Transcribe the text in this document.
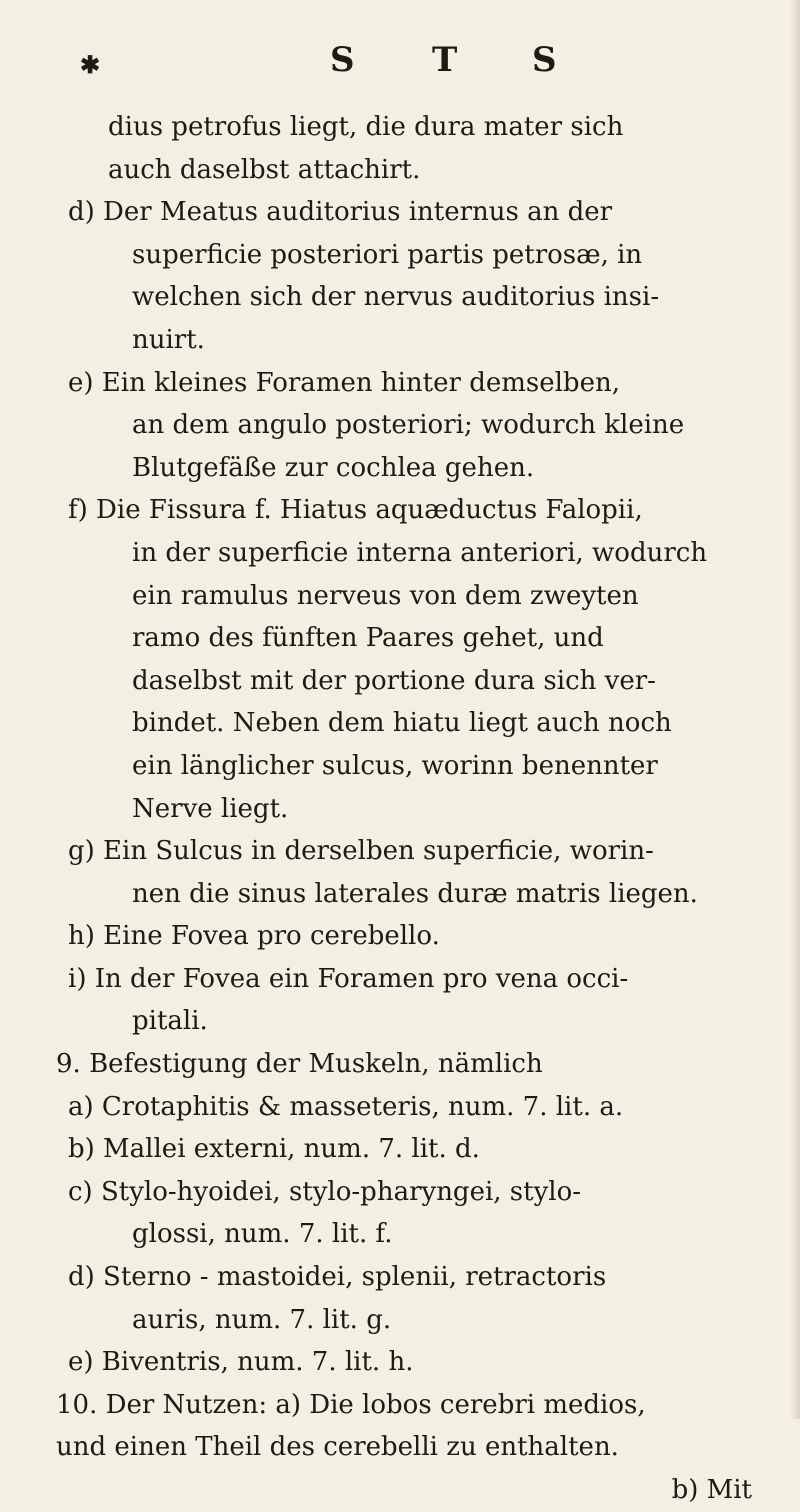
✱	S T S
dius petrofus liegt, die dura mater sich
auch daselbst attachirt.
d) Der Meatus auditorius internus an der
superficie posteriori partis petrosæ, in
welchen sich der nervus auditorius insi-
nuirt.
e) Ein kleines Foramen hinter demselben,
an dem angulo posteriori; wodurch kleine
Blutgefäße zur cochlea gehen.
f) Die Fissura f. Hiatus aquæductus Falopii,
in der superficie interna anteriori, wodurch
ein ramulus nerveus von dem zweyten
ramo des fünften Paares gehet, und
daselbst mit der portione dura sich ver-
bindet. Neben dem hiatu liegt auch noch
ein länglicher sulcus, worinn benennter
Nerve liegt.
g) Ein Sulcus in derselben superficie, worin-
nen die sinus laterales duræ matris liegen.
h) Eine Fovea pro cerebello.
i) In der Fovea ein Foramen pro vena occi-
pitali.
9. Befestigung der Muskeln, nämlich
a) Crotaphitis & masseteris, num. 7. lit. a.
b) Mallei externi, num. 7. lit. d.
c) Stylo-hyoidei, stylo-pharyngei, stylo-
glossi, num. 7. lit. f.
d) Sterno - mastoidei, splenii, retractoris
auris, num. 7. lit. g.
e) Biventris, num. 7. lit. h.
10. Der Nutzen: a) Die lobos cerebri medios,
und einen Theil des cerebelli zu enthalten.
b) Mit
